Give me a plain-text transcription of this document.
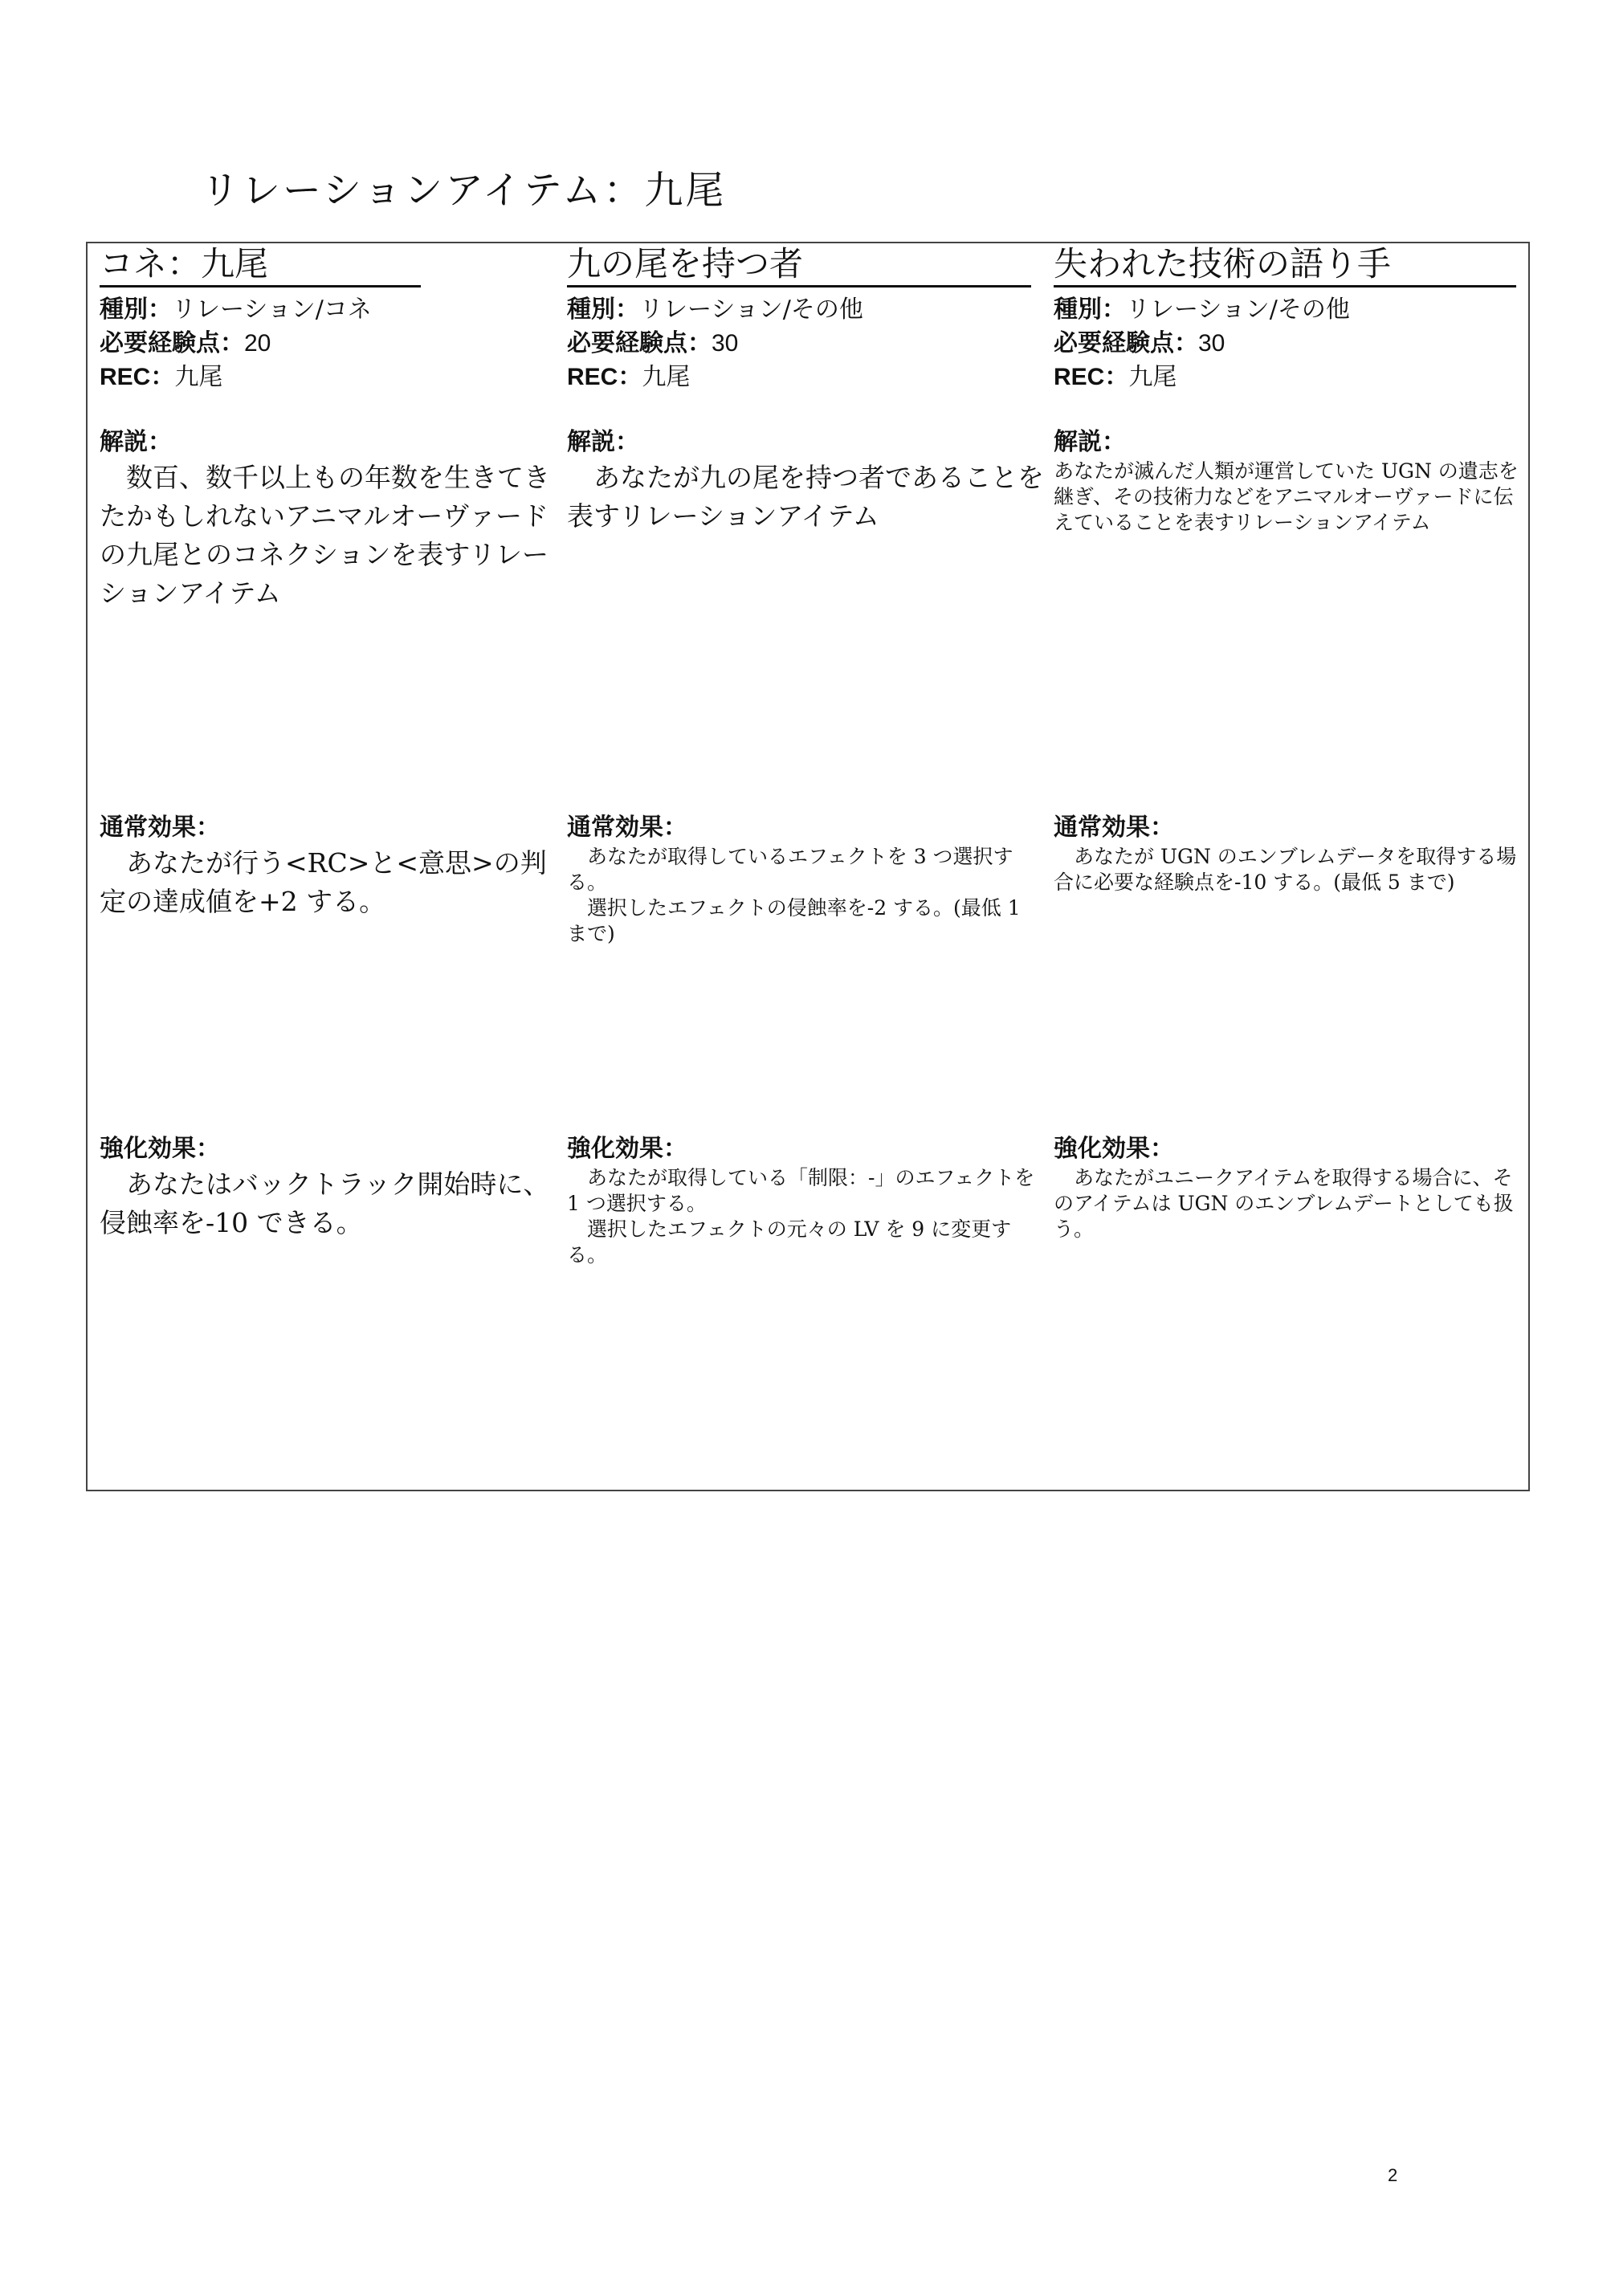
リレーションアイテム：九尾
コネ：九尾
種別：リレーション/コネ
必要経験点：20
REC：九尾
解説：
　数百、数千以上もの年数を生きてきたかもしれないアニマルオーヴァードの九尾とのコネクションを表すリレーションアイテム
通常効果：
　あなたが行う<RC>と<意思>の判定の達成値を+2 する。
強化効果：
　あなたはバックトラック開始時に、侵蝕率を-10 できる。
九の尾を持つ者
種別：リレーション/その他
必要経験点：30
REC：九尾
解説：
　あなたが九の尾を持つ者であることを表すリレーションアイテム
通常効果：
　あなたが取得しているエフェクトを 3 つ選択する。
　選択したエフェクトの侵蝕率を-2 する。(最低 1 まで)
強化効果：
　あなたが取得している「制限：-」のエフェクトを 1 つ選択する。
　選択したエフェクトの元々の LV を 9 に変更する。
失われた技術の語り手
種別：リレーション/その他
必要経験点：30
REC：九尾
解説：
あなたが滅んだ人類が運営していた UGN の遺志を継ぎ、その技術力などをアニマルオーヴァードに伝えていることを表すリレーションアイテム
通常効果：
　あなたが UGN のエンブレムデータを取得する場合に必要な経験点を-10 する。(最低 5 まで)
強化効果：
　あなたがユニークアイテムを取得する場合に、そのアイテムは UGN のエンブレムデートとしても扱う。
2
